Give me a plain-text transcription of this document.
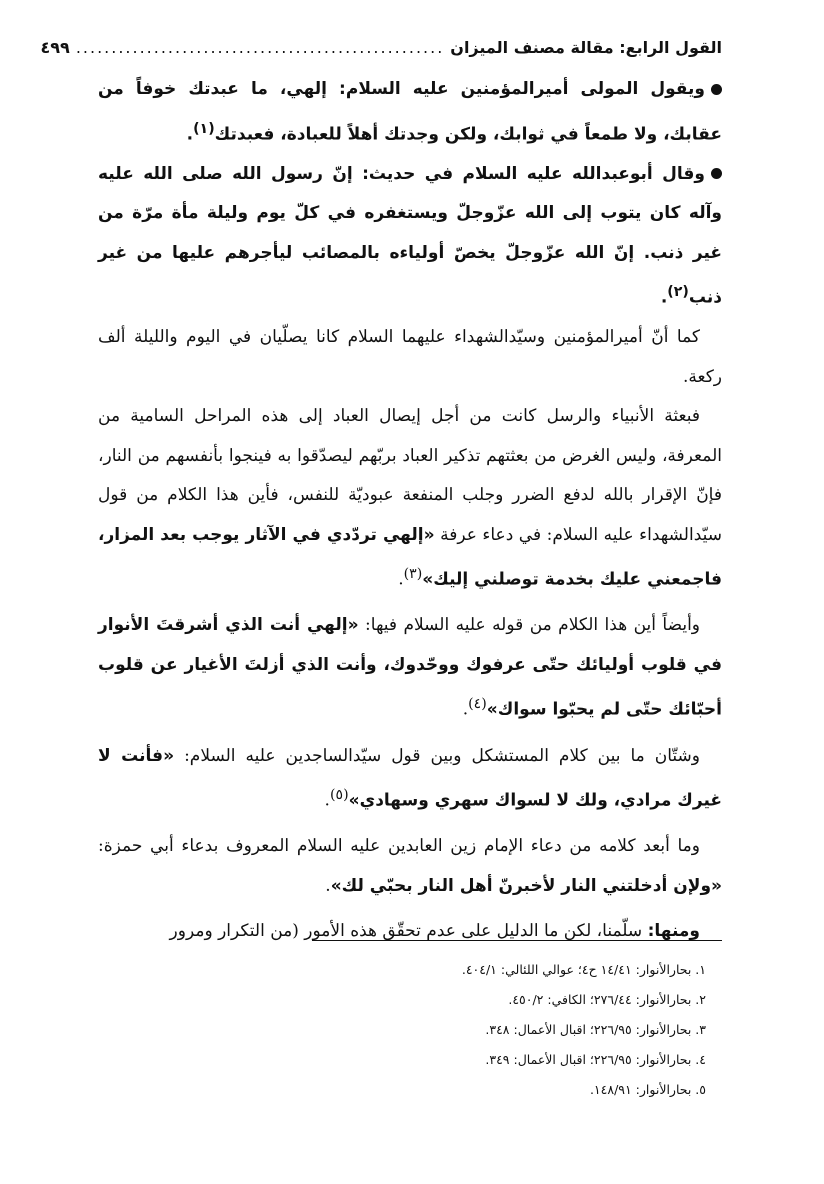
القول الرابع: مقالة مصنف الميزان
....................................................
٤٩٩

ويقول المولى أميرالمؤمنين عليه السلام: إلهي، ما عبدتك خوفاً من عقابك، ولا طمعاً في ثوابك، ولكن وجدتك أهلاً للعبادة، فعبدتك$^{(١)}$.

وقال أبوعبدالله عليه السلام في حديث: إنّ رسول الله صلى الله عليه وآله كان يتوب إلى الله عزّوجلّ ويستغفره في كلّ يوم وليلة مأة مرّة من غير ذنب. إنّ الله عزّوجلّ يخصّ أولياءه بالمصائب ليأجرهم عليها من غير ذنب$^{(٢)}$.

كما أنّ أميرالمؤمنين وسيّدالشهداء عليهما السلام كانا يصلّيان في اليوم والليلة ألف ركعة.

فبعثة الأنبياء والرسل كانت من أجل إيصال العباد إلى هذه المراحل السامية من المعرفة، وليس الغرض من بعثتهم تذكير العباد بربّهم ليصدّقوا به فينجوا بأنفسهم من النار، فإنّ الإقرار بالله لدفع الضرر وجلب المنفعة عبوديّة للنفس، فأين هذا الكلام من قول سيّدالشهداء عليه السلام: في دعاء عرفة «إلهي تردّدي في الآثار يوجب بعد المزار، فاجمعني عليك بخدمة توصلني إليك»$^{(٣)}$.

وأيضاً أين هذا الكلام من قوله عليه السلام فيها: «إلهي أنت الذي أشرقتَ الأنوار في قلوب أوليائك حتّى عرفوك ووحّدوك، وأنت الذي أزلتَ الأغيار عن قلوب أحبّائك حتّى لم يحبّوا سواك»$^{(٤)}$.

وشتّان ما بين كلام المستشكل وبين قول سيّدالساجدين عليه السلام: «فأنت لا غيرك مرادي، ولك لا لسواك سهري وسهادي»$^{(٥)}$.

وما أبعد كلامه من دعاء الإمام زين العابدين عليه السلام المعروف بدعاء أبي حمزة: «ولإن أدخلتني النار لأخبرنّ أهل النار بحبّي لك».

ومنها: سلّمنا، لكن ما الدليل على عدم تحقّق هذه الأمور (من التكرار ومرور

١. بحارالأنوار: ١٤/٤١ ح٤؛ عوالي اللئالي: ٤٠٤/١.
٢. بحارالأنوار: ٢٧٦/٤٤؛ الكافي: ٤٥٠/٢.
٣. بحارالأنوار: ٢٢٦/٩٥؛ اقبال الأعمال: ٣٤٨.
٤. بحارالأنوار: ٢٢٦/٩٥؛ اقبال الأعمال: ٣٤٩.
٥. بحارالأنوار: ١٤٨/٩١.
